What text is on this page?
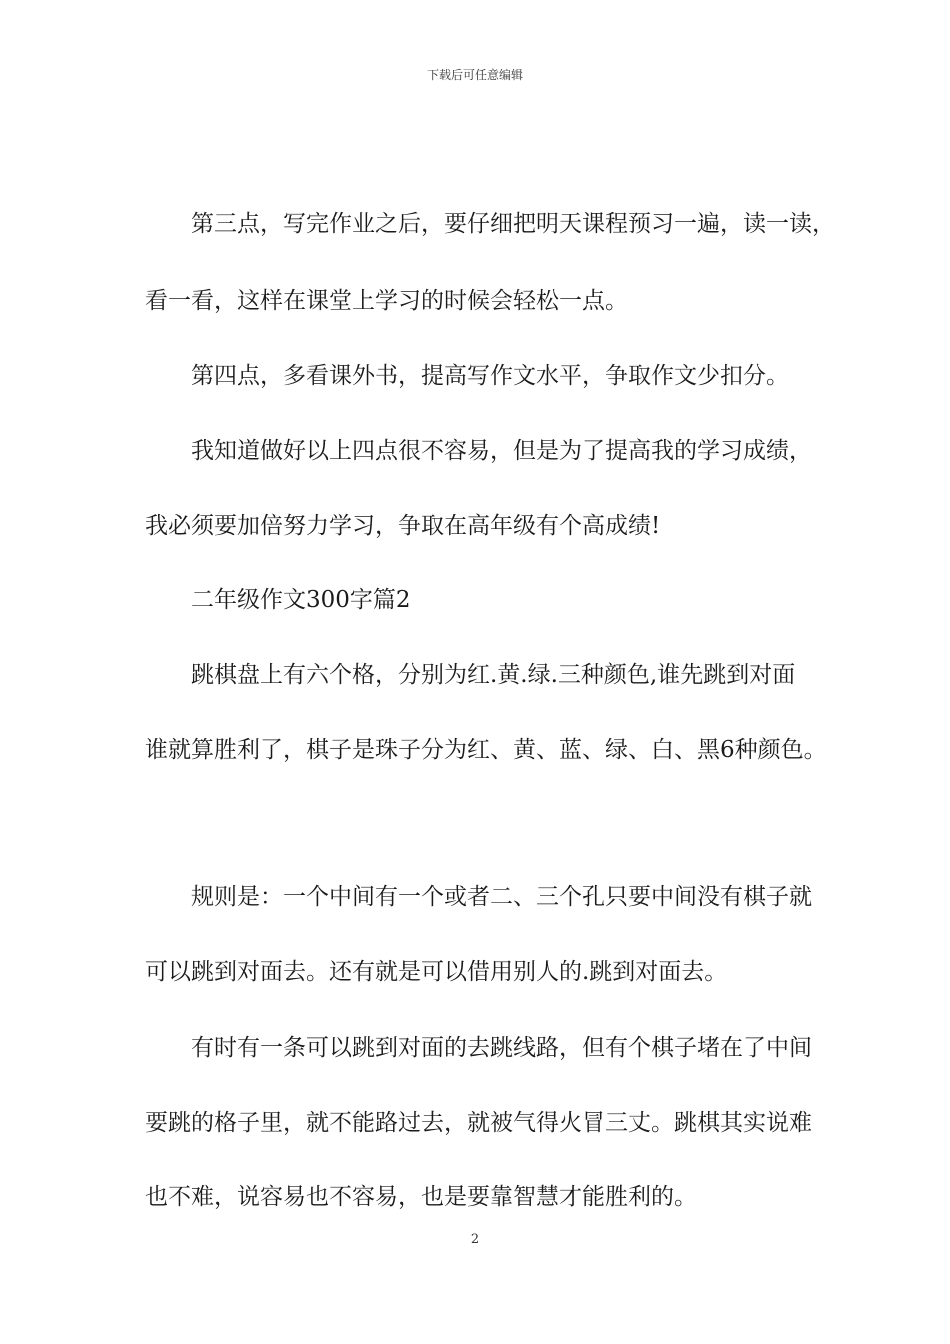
下载后可任意编辑
　　第三点，写完作业之后，要仔细把明天课程预习一遍，读一读，
看一看，这样在课堂上学习的时候会轻松一点。
　　第四点，多看课外书，提高写作文水平，争取作文少扣分。
　　我知道做好以上四点很不容易，但是为了提高我的学习成绩，
我必须要加倍努力学习，争取在高年级有个高成绩!
　　二年级作文300字篇2
　　跳棋盘上有六个格，分别为红.黄.绿.三种颜色,谁先跳到对面
谁就算胜利了，棋子是珠子分为红、黄、蓝、绿、白、黑6种颜色。
　　规则是：一个中间有一个或者二、三个孔只要中间没有棋子就
可以跳到对面去。还有就是可以借用别人的.跳到对面去。
　　有时有一条可以跳到对面的去跳线路，但有个棋子堵在了中间
要跳的格子里，就不能路过去，就被气得火冒三丈。跳棋其实说难
也不难，说容易也不容易，也是要靠智慧才能胜利的。
2
